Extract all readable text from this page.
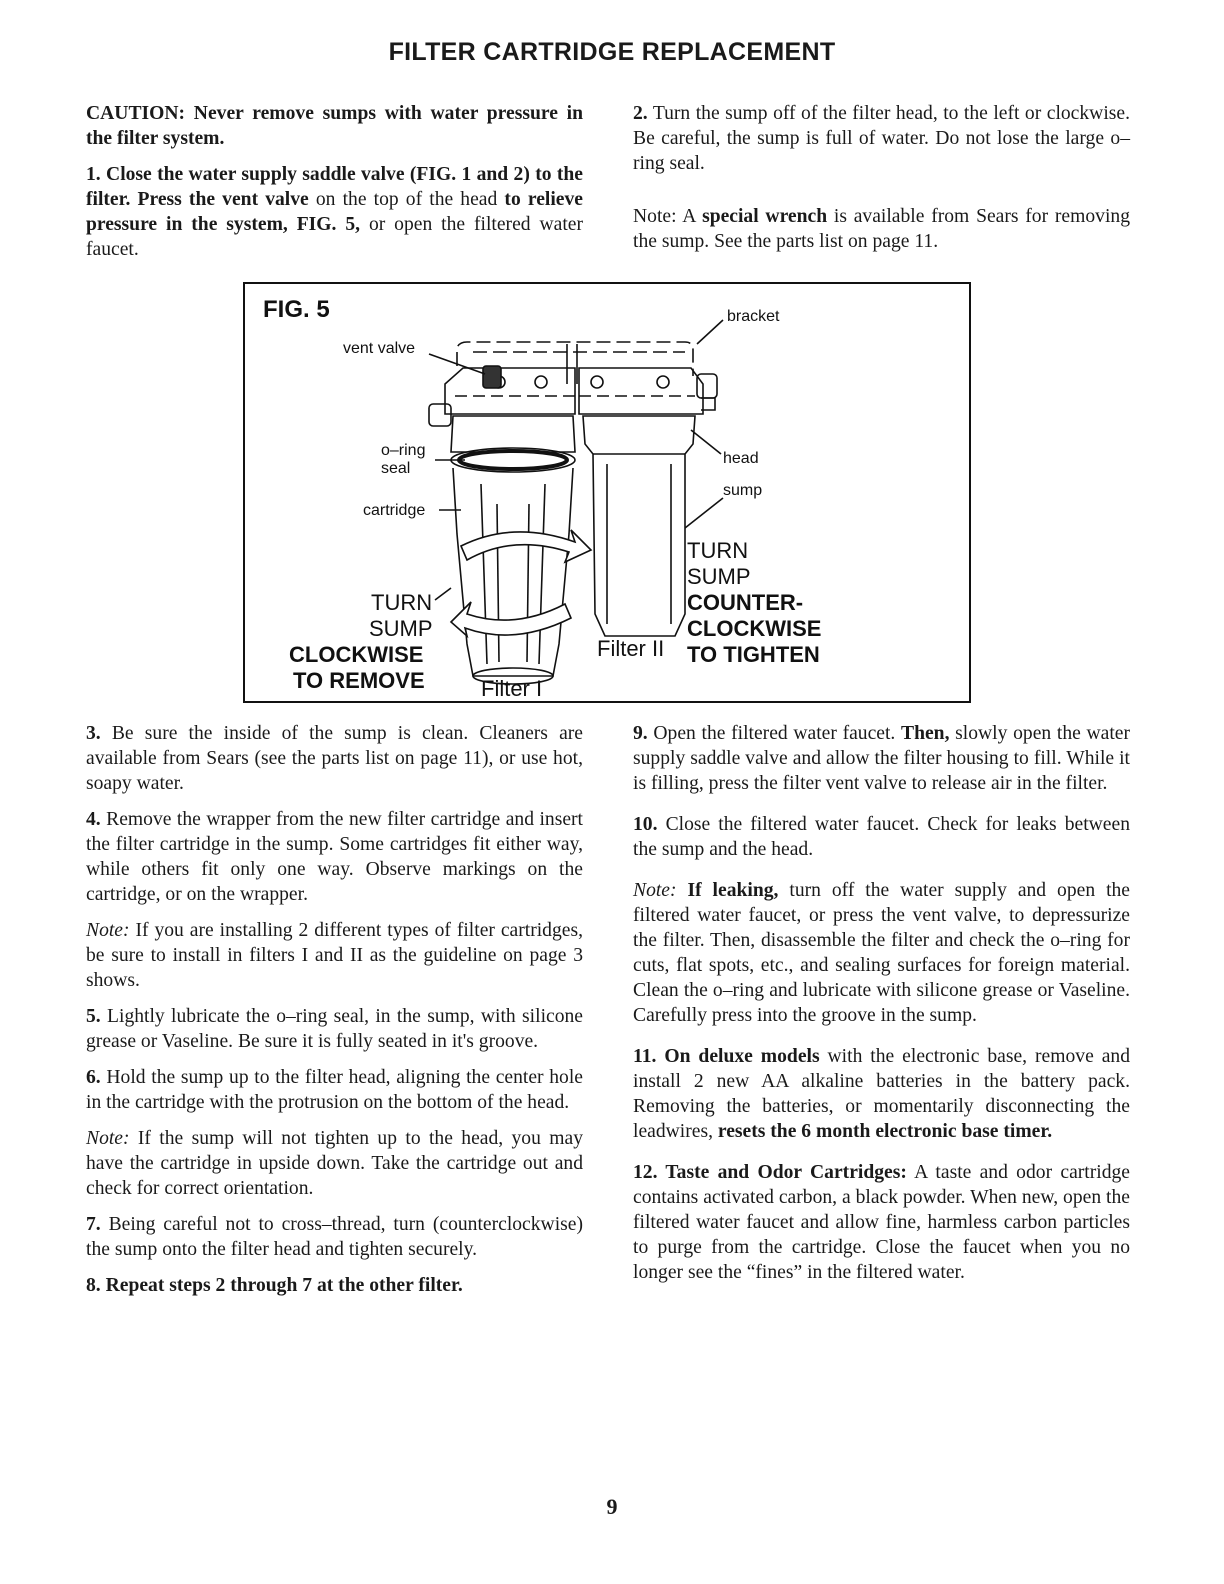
FILTER CARTRIDGE REPLACEMENT

CAUTION: Never remove sumps with water pressure in the filter system.

1. Close the water supply saddle valve (FIG. 1 and 2) to the filter. Press the vent valve on the top of the head to relieve pressure in the system, FIG. 5, or open the filtered water faucet.

2. Turn the sump off of the filter head, to the left or clockwise. Be careful, the sump is full of water. Do not lose the large o–ring seal.

Note: A special wrench is available from Sears for removing the sump. See the parts list on page 11.

FIG. 5	bracket
vent valve
o–ring
seal
cartridge
head
sump
TURN
SUMP
CLOCKWISE
TO REMOVE
TURN
SUMP
COUNTER-
CLOCKWISE
TO TIGHTEN
Filter I
Filter II

3. Be sure the inside of the sump is clean. Cleaners are available from Sears (see the parts list on page 11), or use hot, soapy water.

4. Remove the wrapper from the new filter cartridge and insert the filter cartridge in the sump. Some cartridges fit either way, while others fit only one way. Observe markings on the cartridge, or on the wrapper.

Note: If you are installing 2 different types of filter cartridges, be sure to install in filters I and II as the guideline on page 3 shows.

5. Lightly lubricate the o–ring seal, in the sump, with silicone grease or Vaseline. Be sure it is fully seated in it's groove.

6. Hold the sump up to the filter head, aligning the center hole in the cartridge with the protrusion on the bottom of the head.

Note: If the sump will not tighten up to the head, you may have the cartridge in upside down. Take the cartridge out and check for correct orientation.

7. Being careful not to cross–thread, turn (counterclockwise) the sump onto the filter head and tighten securely.

8. Repeat steps 2 through 7 at the other filter.

9. Open the filtered water faucet. Then, slowly open the water supply saddle valve and allow the filter housing to fill. While it is filling, press the filter vent valve to release air in the filter.

10. Close the filtered water faucet. Check for leaks between the sump and the head.

Note: If leaking, turn off the water supply and open the filtered water faucet, or press the vent valve, to depressurize the filter. Then, disassemble the filter and check the o–ring for cuts, flat spots, etc., and sealing surfaces for foreign material. Clean the o–ring and lubricate with silicone grease or Vaseline. Carefully press into the groove in the sump.

11. On deluxe models with the electronic base, remove and install 2 new AA alkaline batteries in the battery pack. Removing the batteries, or momentarily disconnecting the leadwires, resets the 6 month electronic base timer.

12. Taste and Odor Cartridges: A taste and odor cartridge contains activated carbon, a black powder. When new, open the filtered water faucet and allow fine, harmless carbon particles to purge from the cartridge. Close the faucet when you no longer see the “fines” in the filtered water.

9
